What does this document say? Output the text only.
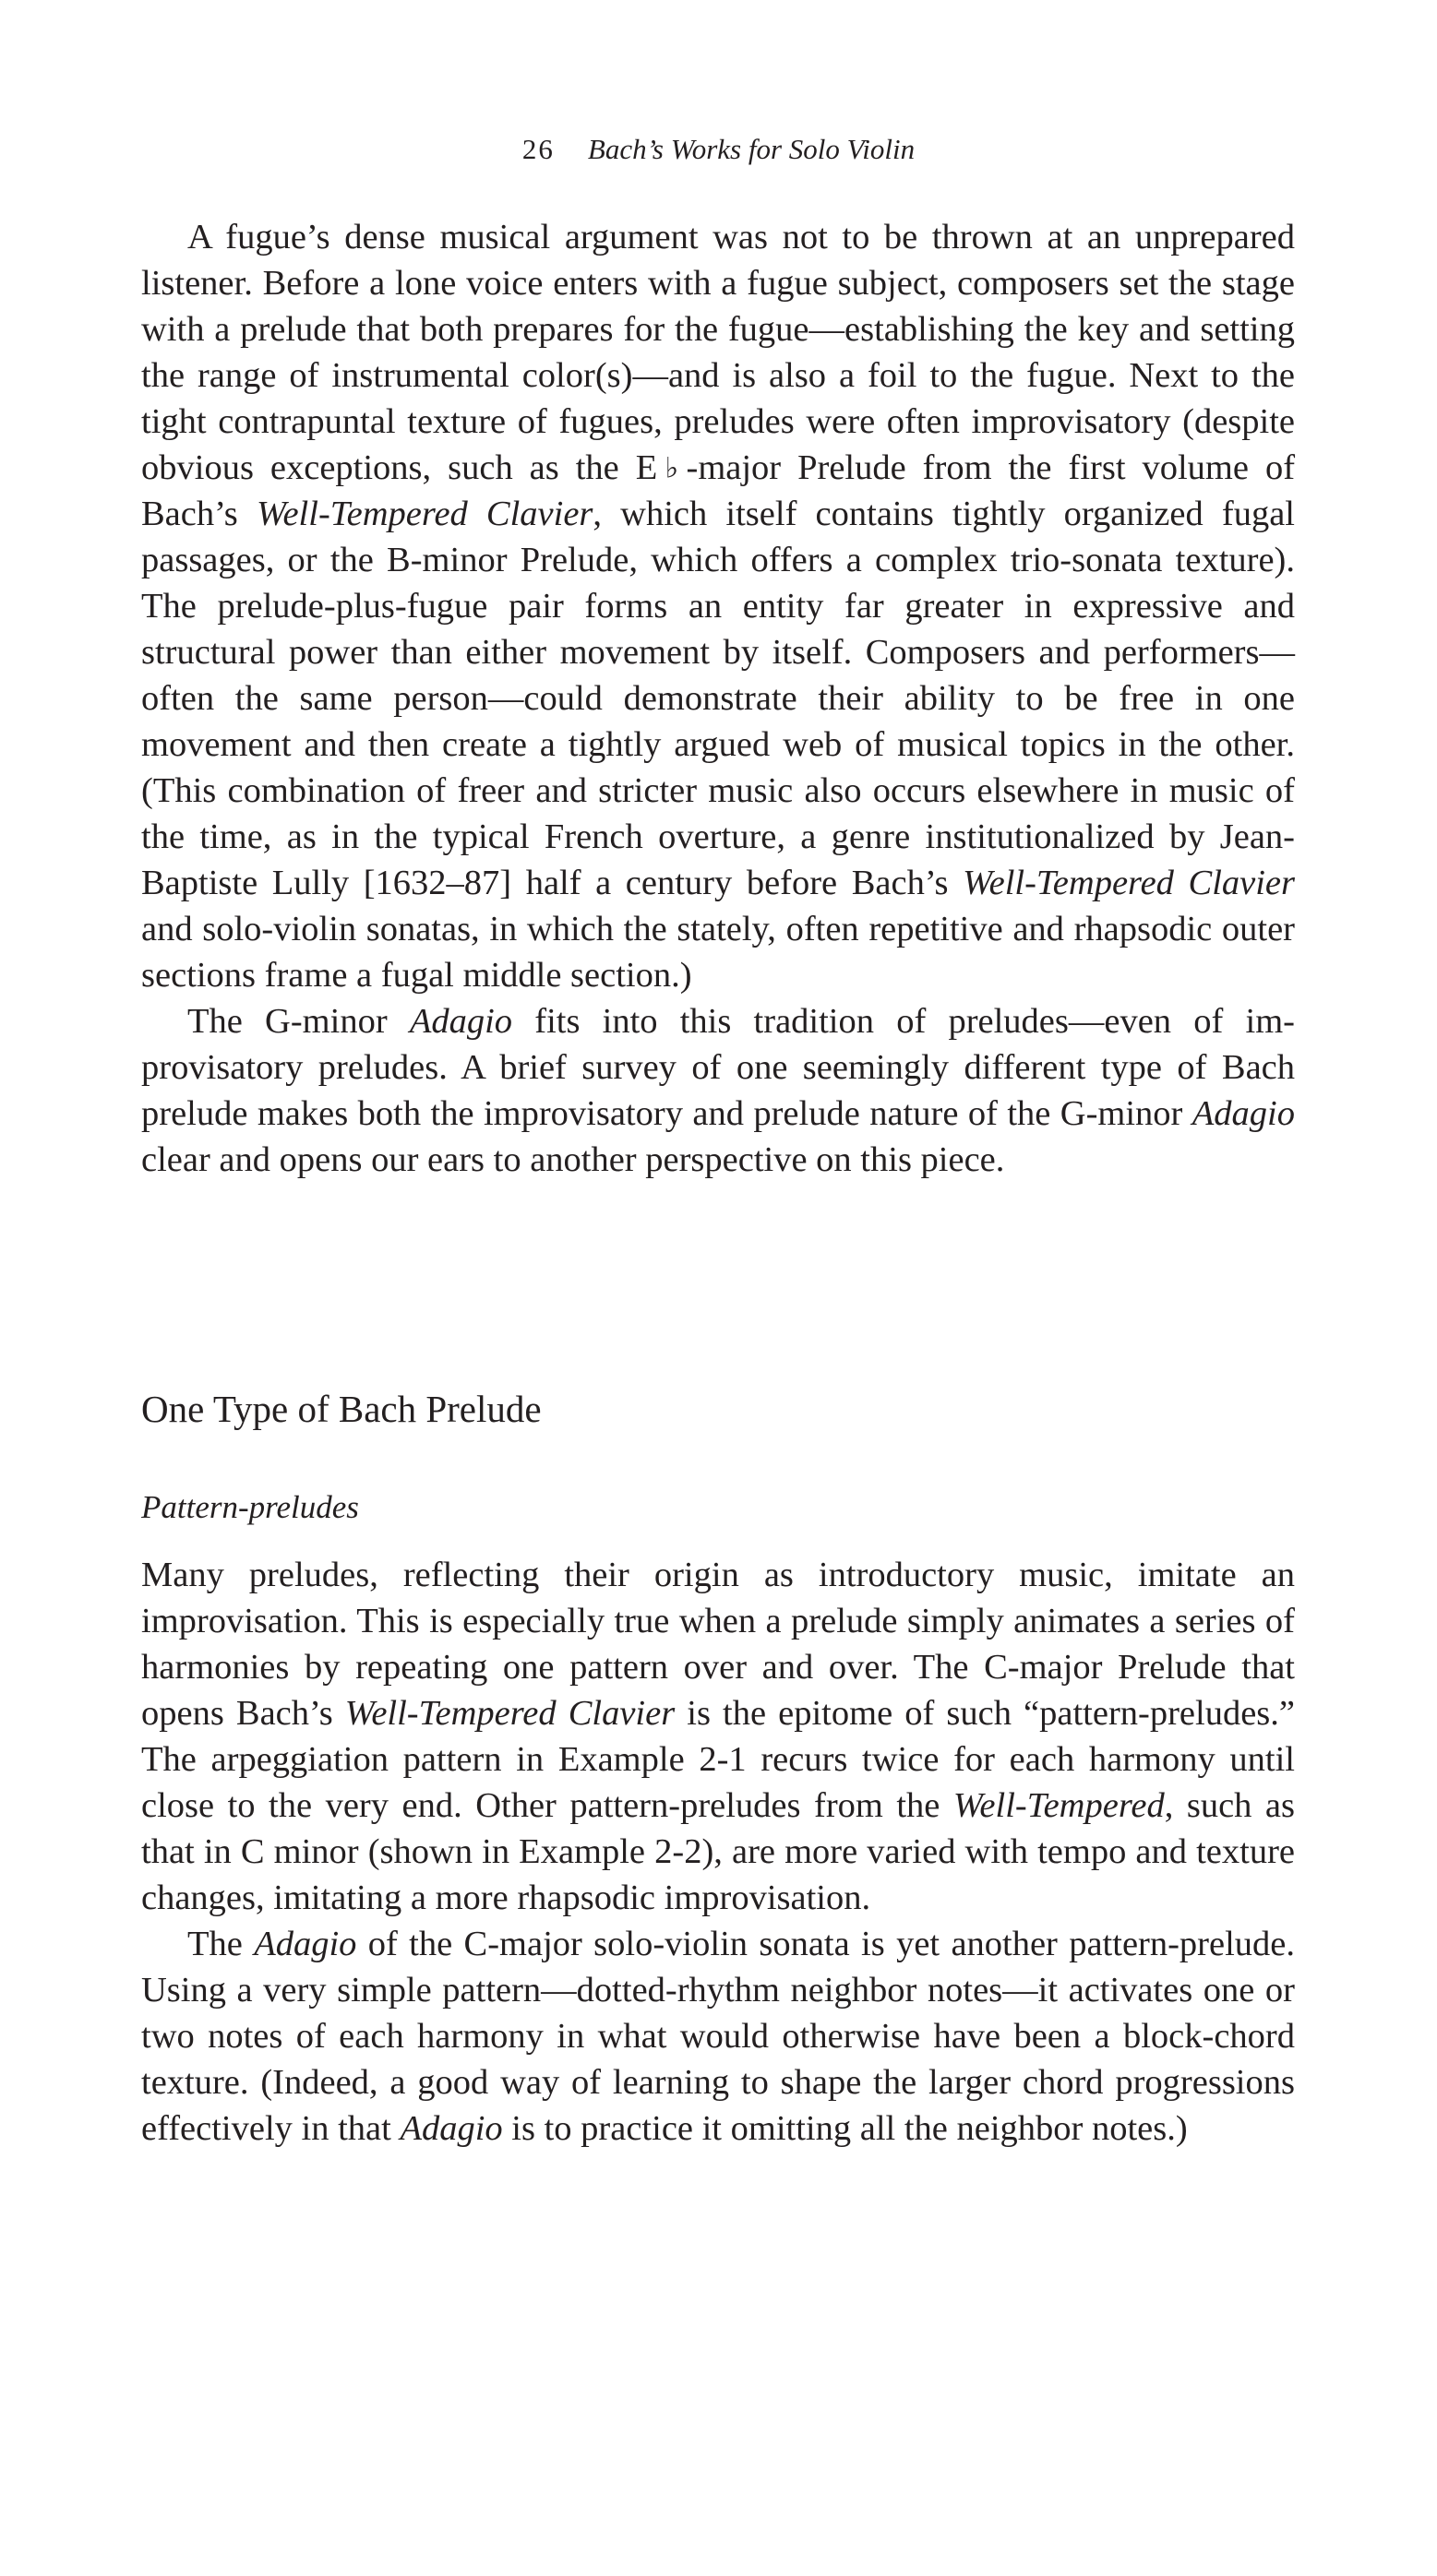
26 Bach’s Works for Solo Violin

A fugue’s dense musical argument was not to be thrown at an unprepared listener. Before a lone voice enters with a fugue subject, composers set the stage with a prelude that both prepares for the fugue—establishing the key and setting the range of instrumental color(s)—and is also a foil to the fugue. Next to the tight contrapuntal texture of fugues, preludes were often improvisatory (despite obvious exceptions, such as the E♭-major Prelude from the first volume of Bach’s Well-Tempered Clavier, which itself contains tightly organized fugal passages, or the B-minor Prelude, which offers a complex trio-sonata texture). The prelude-plus-fugue pair forms an entity far greater in expressive and structural power than either movement by itself. Composers and performers—often the same person—could demonstrate their ability to be free in one movement and then create a tightly argued web of musical topics in the other. (This combination of freer and stricter music also occurs elsewhere in music of the time, as in the typical French overture, a genre institutionalized by Jean-Baptiste Lully [1632–87] half a century before Bach’s Well-Tempered Clavier and solo-violin sonatas, in which the stately, often repetitive and rhapsodic outer sections frame a fugal middle section.)

The G-minor Adagio fits into this tradition of preludes—even of improvisatory preludes. A brief survey of one seemingly different type of Bach prelude makes both the improvisatory and prelude nature of the G-minor Adagio clear and opens our ears to another perspective on this piece.

One Type of Bach Prelude
Pattern-preludes

Many preludes, reflecting their origin as introductory music, imitate an improvisation. This is especially true when a prelude simply animates a series of harmonies by repeating one pattern over and over. The C-major Prelude that opens Bach’s Well-Tempered Clavier is the epitome of such “pattern-preludes.” The arpeggiation pattern in Example 2-1 recurs twice for each harmony until close to the very end. Other pattern-preludes from the Well-Tempered, such as that in C minor (shown in Example 2-2), are more varied with tempo and texture changes, imitating a more rhapsodic improvisation.

The Adagio of the C-major solo-violin sonata is yet another pattern-prelude. Using a very simple pattern—dotted-rhythm neighbor notes—it activates one or two notes of each harmony in what would otherwise have been a block-chord texture. (Indeed, a good way of learning to shape the larger chord progressions effectively in that Adagio is to practice it omitting all the neighbor notes.)
